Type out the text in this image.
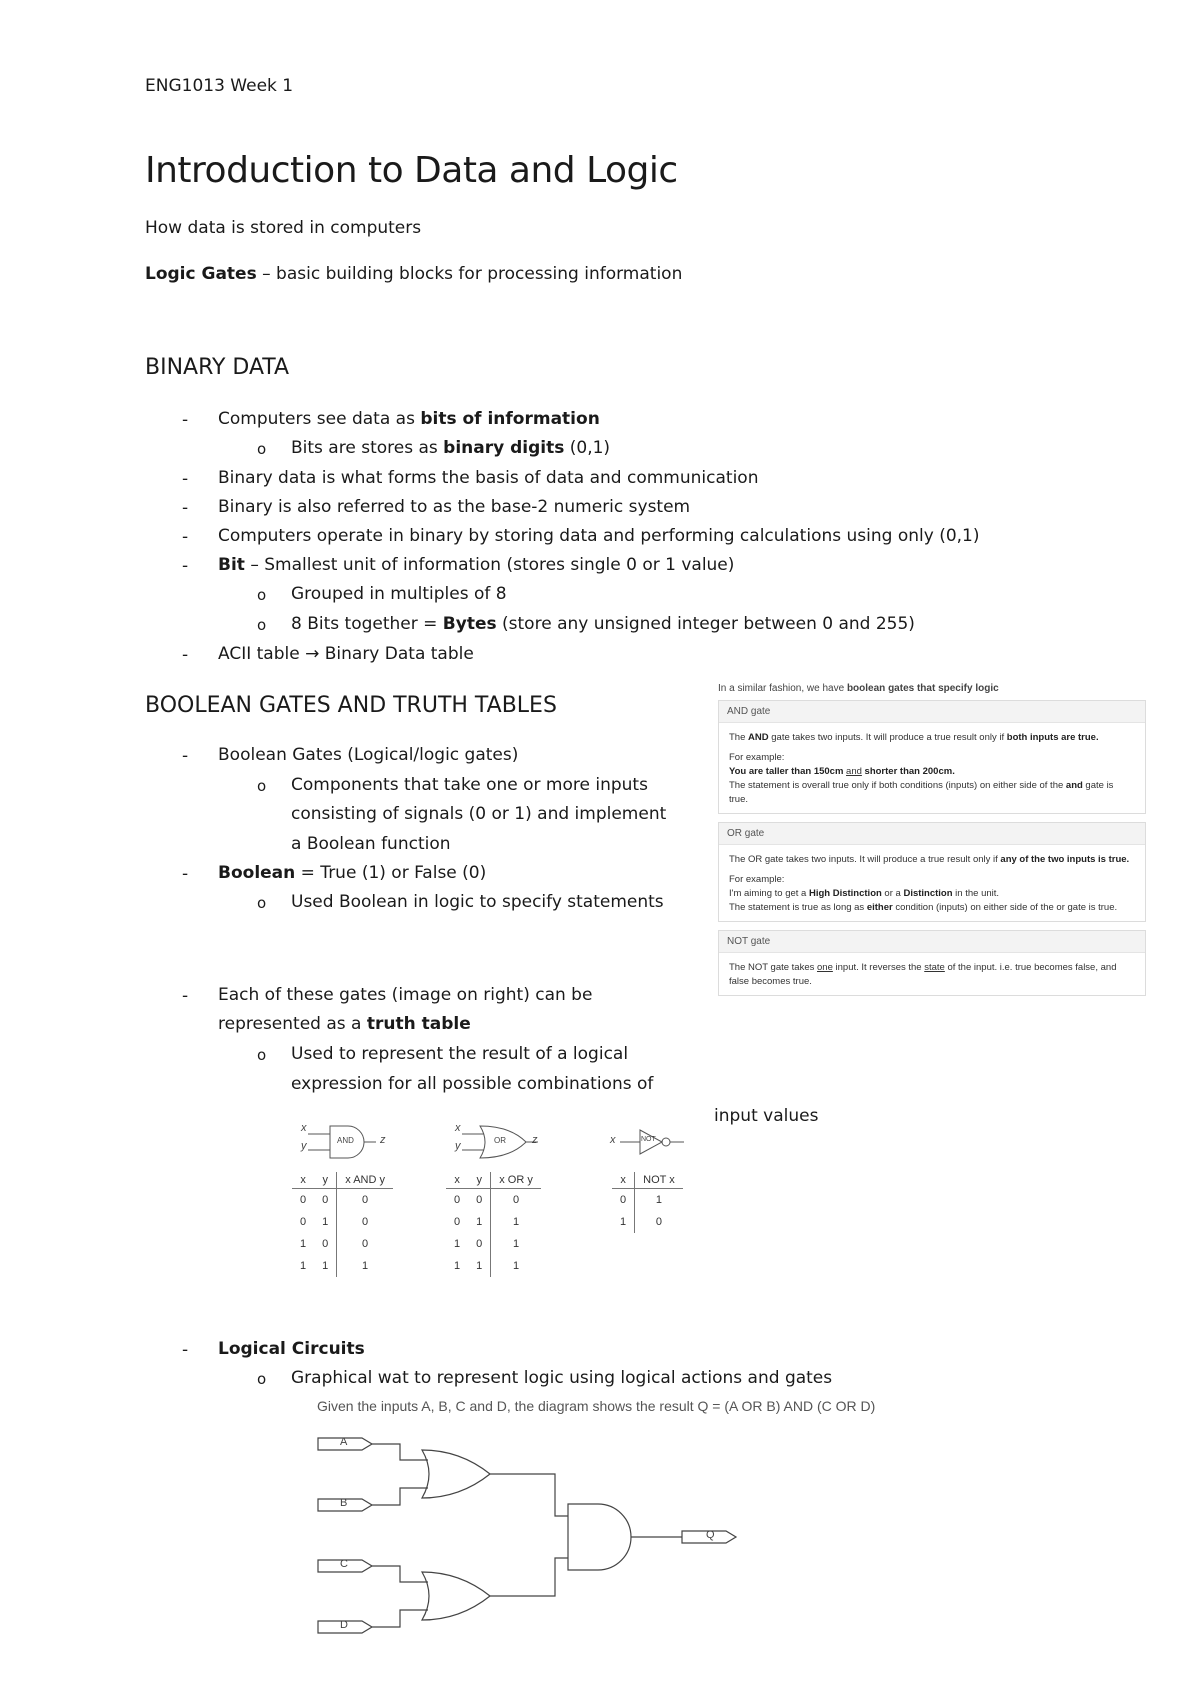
ENG1013 Week 1
Introduction to Data and Logic
How data is stored in computers
Logic Gates – basic building blocks for processing information
BINARY DATA
- Computers see data as bits of information
o Bits are stores as binary digits (0,1)
- Binary data is what forms the basis of data and communication
- Binary is also referred to as the base-2 numeric system
- Computers operate in binary by storing data and performing calculations using only (0,1)
- Bit – Smallest unit of information (stores single 0 or 1 value)
o Grouped in multiples of 8
o 8 Bits together = Bytes (store any unsigned integer between 0 and 255)
- ACII table → Binary Data table
BOOLEAN GATES AND TRUTH TABLES
- Boolean Gates (Logical/logic gates)
o Components that take one or more inputs
consisting of signals (0 or 1) and implement
a Boolean function
- Boolean = True (1) or False (0)
o Used Boolean in logic to specify statements
- Each of these gates (image on right) can be
represented as a truth table
o Used to represent the result of a logical
expression for all possible combinations of
input values
In a similar fashion, we have boolean gates that specify logic
AND gate

The AND gate takes two inputs. It will produce a true result only if both inputs are true.

For example:
You are taller than 150cm and shorter than 200cm.
The statement is overall true only if both conditions (inputs) on either side of the and gate is true.
OR gate

The OR gate takes two inputs. It will produce a true result only if any of the two inputs is true.

For example:
I'm aiming to get a High Distinction or a Distinction in the unit.
The statement is true as long as either condition (inputs) on either side of the or gate is true.
NOT gate
The NOT gate takes one input. It reverses the state of the input. i.e. true becomes false, and false becomes true.
x
y	AND z
x
y	OR z	x	NOT
x	y	x AND y
0	0	0
0	1	0
1	0	0
1	1	1
x	y	x OR y
0	0	0
0	1	1
1	0	1
1	1	1
x	NOT x
0	1
1	0
- Logical Circuits
o Graphical wat to represent logic using logical actions and gates
Given the inputs A, B, C and D, the diagram shows the result Q = (A OR B) AND (C OR D)
A
B
C
D
Q
